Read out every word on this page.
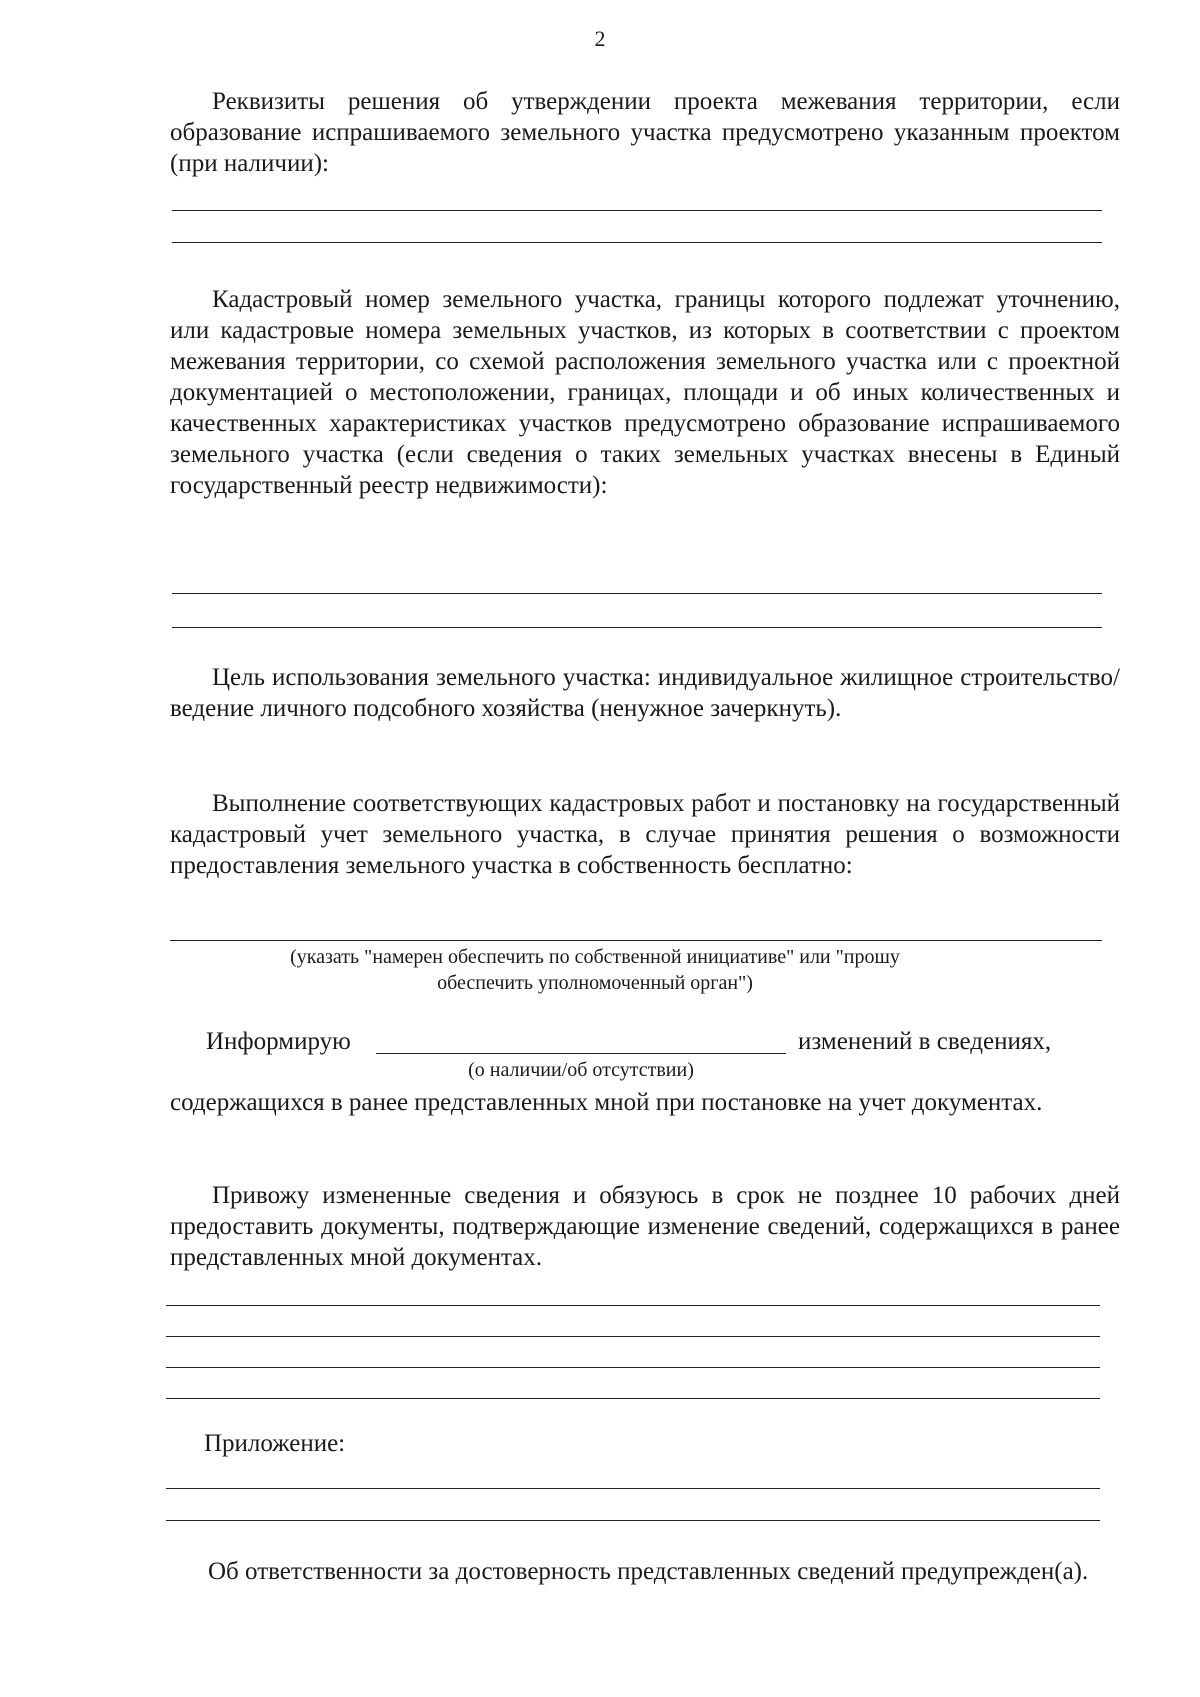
2
Реквизиты решения об утверждении проекта межевания территории, если образование испрашиваемого земельного участка предусмотрено указанным проектом (при наличии):
Кадастровый номер земельного участка, границы которого подлежат уточнению, или кадастровые номера земельных участков, из которых в соответствии с проектом межевания территории, со схемой расположения земельного участка или с проектной документацией о местоположении, границах, площади и об иных количественных и качественных характеристиках участков предусмотрено образование испрашиваемого земельного участка (если сведения о таких земельных участках внесены в Единый государственный реестр недвижимости):
Цель использования земельного участка: индивидуальное жилищное строительство/ ведение личного подсобного хозяйства (ненужное зачеркнуть).
Выполнение соответствующих кадастровых работ и постановку на государственный кадастровый учет земельного участка, в случае принятия решения о возможности предоставления земельного участка в собственность бесплатно:
(указать "намерен обеспечить по собственной инициативе" или "прошу
обеспечить уполномоченный орган")
Информирую	изменений в сведениях,
(о наличии/об отсутствии)
содержащихся в ранее представленных мной при постановке на учет документах.
Привожу измененные сведения и обязуюсь в срок не позднее 10 рабочих дней предоставить документы, подтверждающие изменение сведений, содержащихся в ранее представленных мной документах.
Приложение:
Об ответственности за достоверность представленных сведений предупрежден(а).
